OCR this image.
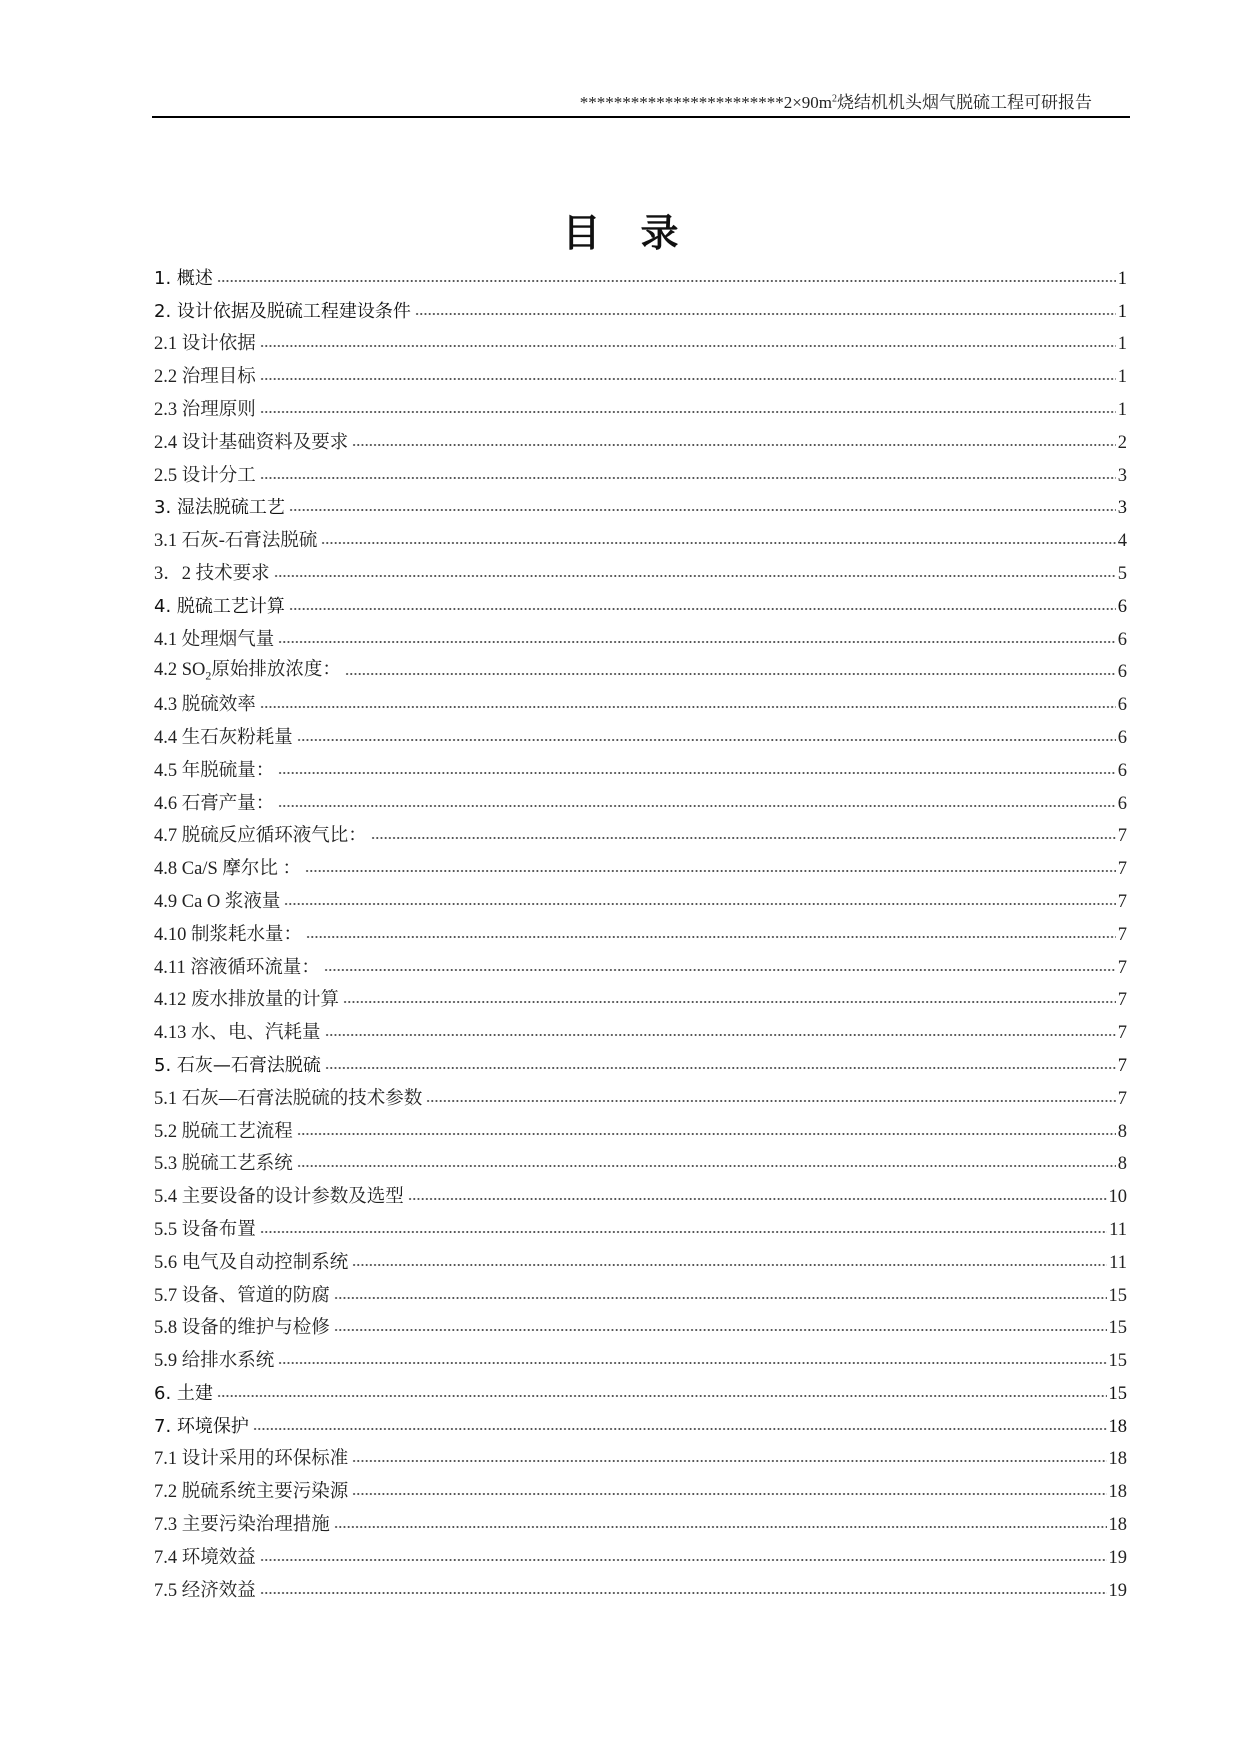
$************************2\times 90m^2$烧结机机头烟气脱硫工程可研报告
目录
1. 概述	1
2. 设计依据及脱硫工程建设条件	1
2.1 设计依据	1
2.2 治理目标	1
2.3 治理原则	1
2.4 设计基础资料及要求	2
2.5 设计分工	3
3. 湿法脱硫工艺	3
3.1 石灰-石膏法脱硫	4
3．2 技术要求	5
4. 脱硫工艺计算	6
4.1 处理烟气量	6
4.2 $SO_2$原始排放浓度：	6
4.3 脱硫效率	6
4.4 生石灰粉耗量	6
4.5 年脱硫量：	6
4.6 石膏产量：	6
4.7 脱硫反应循环液气比：	7
4.8 Ca/S 摩尔比 ：	7
4.9 Ca O 浆液量	7
4.10 制浆耗水量：	7
4.11 溶液循环流量：	7
4.12 废水排放量的计算	7
4.13 水、电、汽耗量	7
5. 石灰—石膏法脱硫	7
5.1 石灰—石膏法脱硫的技术参数	7
5.2 脱硫工艺流程	8
5.3 脱硫工艺系统	8
5.4 主要设备的设计参数及选型	10
5.5 设备布置	11
5.6 电气及自动控制系统	11
5.7 设备、管道的防腐	15
5.8 设备的维护与检修	15
5.9 给排水系统	15
6. 土建	15
7. 环境保护	18
7.1 设计采用的环保标准	18
7.2 脱硫系统主要污染源	18
7.3 主要污染治理措施	18
7.4 环境效益	19
7.5 经济效益	19
